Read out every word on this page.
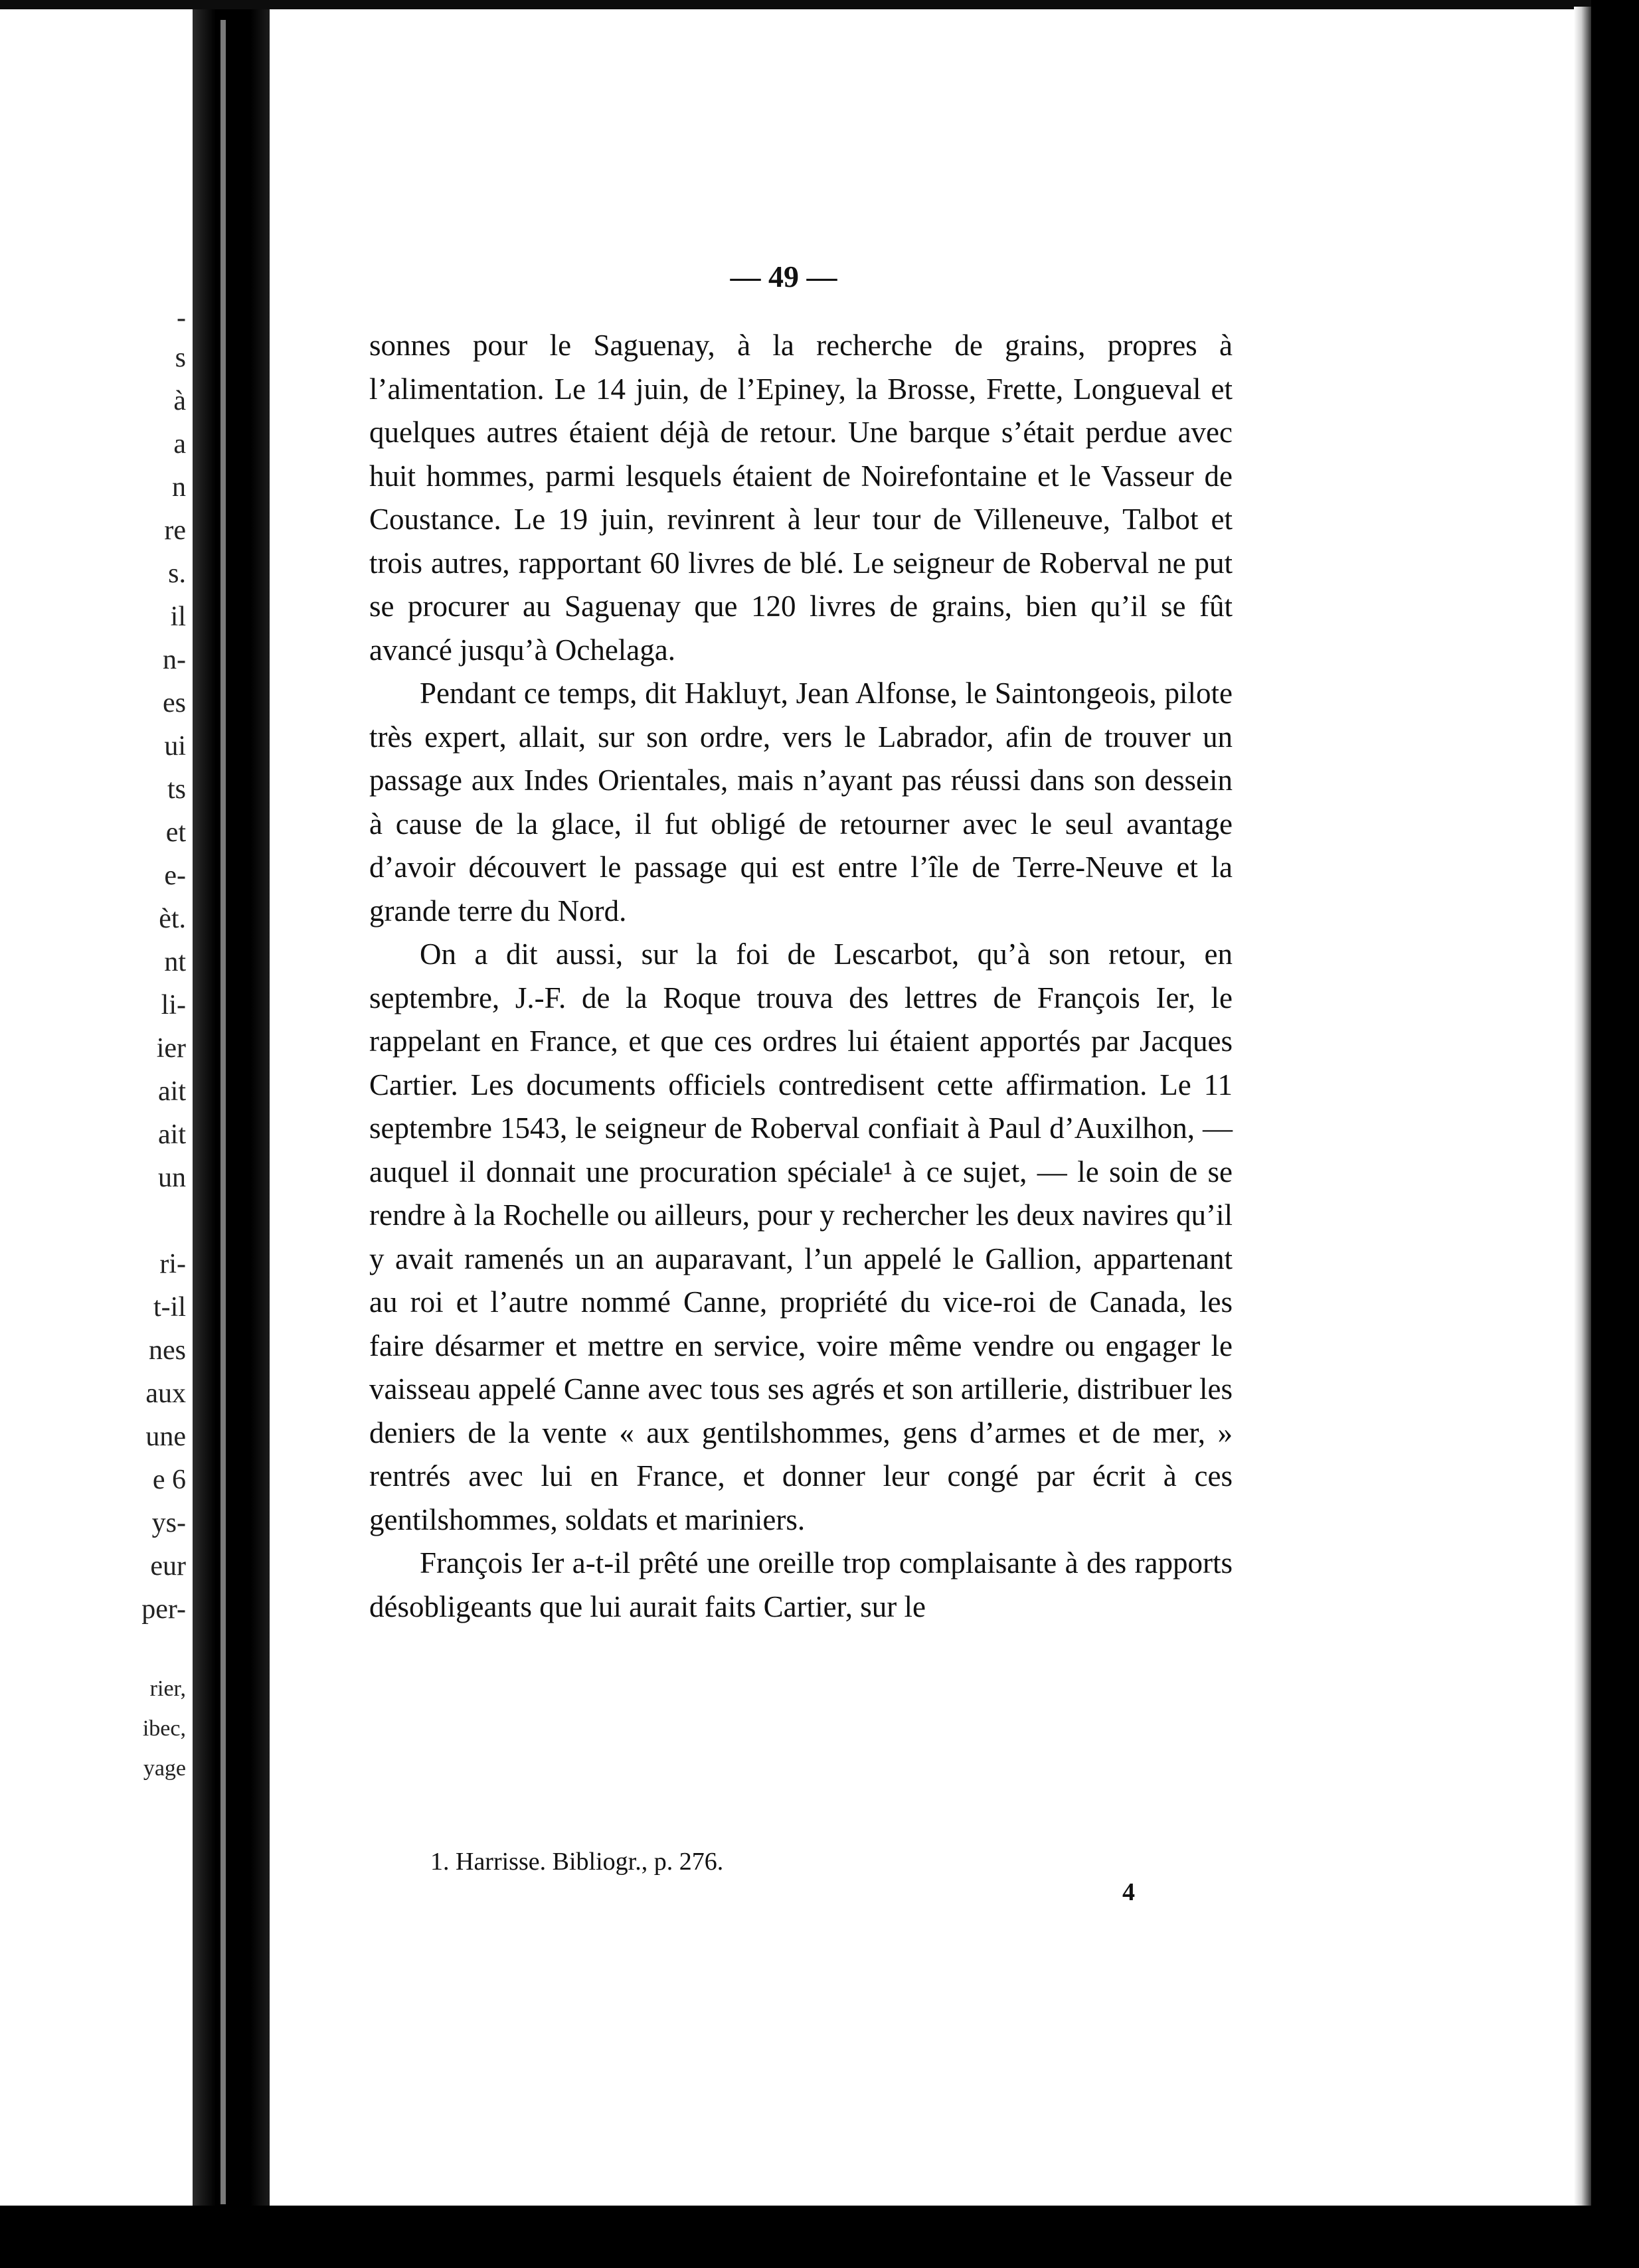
-
s
à
a
n
re
s.
il
n-
es
ui
ts
et
e-
ѐt.
nt
li-
ier
ait
ait
un
ri-
t-il
nes
aux
une
e 6
ys-
eur
per-
rier,
ibec,
yage
— 49 —

sonnes pour le Saguenay, à la recherche de grains, propres à l’alimentation. Le 14 juin, de l’Epiney, la Brosse, Frette, Longueval et quelques autres étaient déjà de retour. Une barque s’était perdue avec huit hommes, parmi lesquels étaient de Noirefontaine et le Vasseur de Coustance. Le 19 juin, revinrent à leur tour de Villeneuve, Talbot et trois autres, rapportant 60 livres de blé. Le seigneur de Roberval ne put se procurer au Saguenay que 120 livres de grains, bien qu’il se fût avancé jusqu’à Ochelaga.

Pendant ce temps, dit Hakluyt, Jean Alfonse, le Saintongeois, pilote très expert, allait, sur son ordre, vers le Labrador, afin de trouver un passage aux Indes Orientales, mais n’ayant pas réussi dans son dessein à cause de la glace, il fut obligé de retourner avec le seul avantage d’avoir découvert le passage qui est entre l’île de Terre-Neuve et la grande terre du Nord.

On a dit aussi, sur la foi de Lescarbot, qu’à son retour, en septembre, J.-F. de la Roque trouva des lettres de François Ier, le rappelant en France, et que ces ordres lui étaient apportés par Jacques Cartier. Les documents officiels contredisent cette affirmation. Le 11 septembre 1543, le seigneur de Roberval confiait à Paul d’Auxilhon, — auquel il donnait une procuration spéciale¹ à ce sujet, — le soin de se rendre à la Rochelle ou ailleurs, pour y rechercher les deux navires qu’il y avait ramenés un an auparavant, l’un appelé le Gallion, appartenant au roi et l’autre nommé Canne, propriété du vice-roi de Canada, les faire désarmer et mettre en service, voire même vendre ou engager le vaisseau appelé Canne avec tous ses agrés et son artillerie, distribuer les deniers de la vente « aux gentilshommes, gens d’armes et de mer, » rentrés avec lui en France, et donner leur congé par écrit à ces gentilshommes, soldats et mariniers.

François Ier a-t-il prêté une oreille trop complaisante à des rapports désobligeants que lui aurait faits Cartier, sur le

1. Harrisse. Bibliogr., p. 276.
4
